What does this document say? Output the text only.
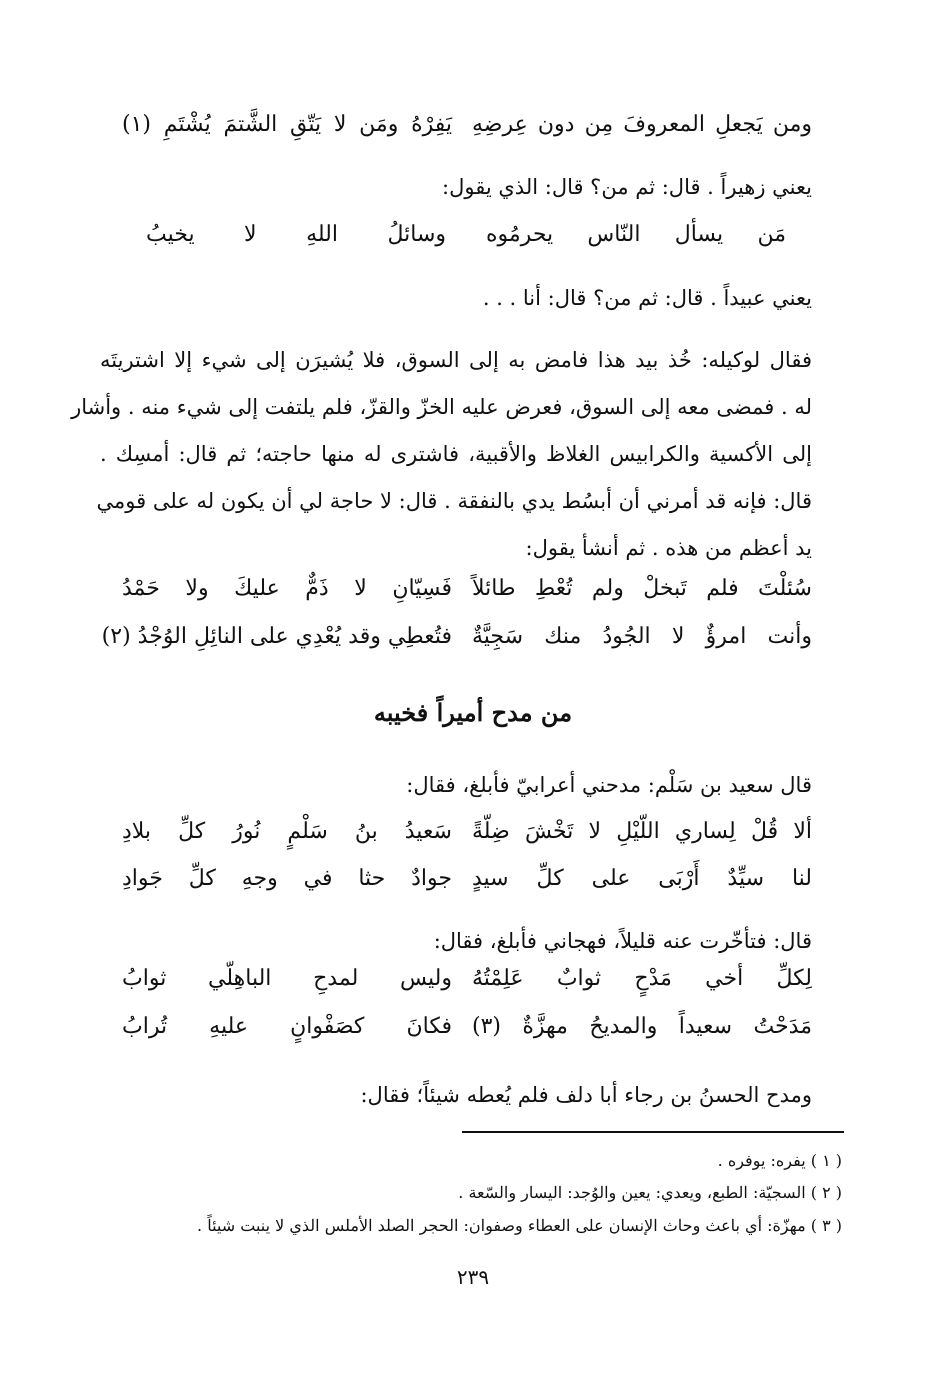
ومن يَجعلِ المعروفَ مِن دون عِرضِهِ
يَفِرْهُ ومَن لا يَتّقِ الشَّتمَ يُشْتَمِ (١)
يعني زهيراً . قال: ثم من؟ قال: الذي يقول:
مَن يسأل النّاس يحرمُوه
وسائلُ اللهِ لا يخيبُ
يعني عبيداً . قال: ثم من؟ قال: أنا . . .
فقال لوكيله: خُذ بيد هذا فامض به إلى السوق، فلا يُشيرَن إلى شيء إلا اشتريتَه
له . فمضى معه إلى السوق، فعرض عليه الخزّ والقزّ، فلم يلتفت إلى شيء منه . وأشار
إلى الأكسية والكرابيس الغلاظ والأقبية، فاشترى له منها حاجته؛ ثم قال: أمسِك .
قال: فإنه قد أمرني أن أبسُط يدي بالنفقة . قال: لا حاجة لي أن يكون له على قومي
يد أعظم من هذه . ثم أنشأ يقول:
سُئلْتَ فلم تَبخلْ ولم تُعْطِ طائلاً
فَسِيّانِ لا ذَمٌّ عليكَ ولا حَمْدُ
وأنت امرؤٌ لا الجُودُ منك سَجِيَّةٌ
فتُعطِي وقد يُعْدِي على النائِلِ الوُجْدُ (٢)
من مدح أميراً فخيبه
قال سعيد بن سَلْم: مدحني أعرابيّ فأبلغ، فقال:
ألا قُلْ لِساري اللّيْلِ لا تَخْشَ ضِلّةً
سَعيدُ بنُ سَلْمٍ نُورُ كلِّ بلادِ
لنا سيِّدٌ أَرْبَى على كلِّ سيدٍ
جوادٌ حثا في وجهِ كلِّ جَوادِ
قال: فتأخّرت عنه قليلاً، فهجاني فأبلغ، فقال:
لِكلِّ أخي مَدْحٍ ثوابٌ عَلِمْتُهُ
وليس لمدحِ الباهِلّي ثوابُ
مَدَحْتُ سعيداً والمديحُ مهزَّةٌ (٣)
فكانَ كصَفْوانٍ عليهِ تُرابُ
ومدح الحسنُ بن رجاء أبا دلف فلم يُعطه شيئاً؛ فقال:
( ١ ) يفره: يوفره .
( ٢ ) السجيّة: الطبع، ويعدي: يعين والوُجد: اليسار والسّعة .
( ٣ ) مهزّة: أي باعث وحاث الإنسان على العطاء وصفوان: الحجر الصلد الأملس الذي لا ينبت شيئاً .
٢٣٩
